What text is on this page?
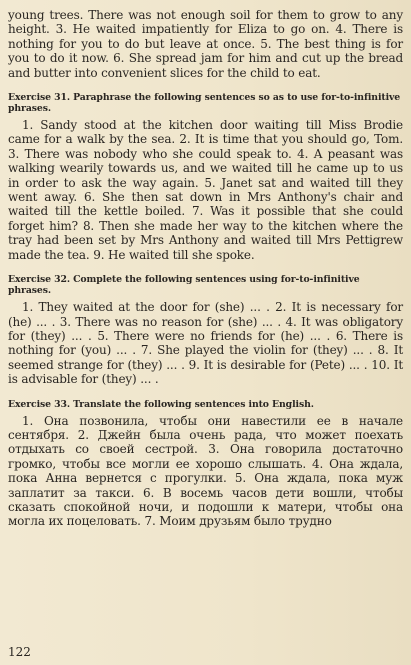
young trees. There was not enough soil for them to grow to any height. 3. He waited impatiently for Eliza to go on. 4. There is nothing for you to do but leave at once. 5. The best thing is for you to do it now. 6. She spread jam for him and cut up the bread and butter into convenient slices for the child to eat.

Exercise 31. Paraphrase the following sentences so as to use for-to-infinitive phrases.

1. Sandy stood at the kitchen door waiting till Miss Brodie came for a walk by the sea. 2. It is time that you should go, Tom. 3. There was nobody who she could speak to. 4. A peasant was walking wearily towards us, and we waited till he came up to us in order to ask the way again. 5. Janet sat and waited till they went away. 6. She then sat down in Mrs Anthony's chair and waited till the kettle boiled. 7. Was it possible that she could forget him? 8. Then she made her way to the kitchen where the tray had been set by Mrs Anthony and waited till Mrs Pettigrew made the tea. 9. He waited till she spoke.

Exercise 32. Complete the following sentences using for-to-infinitive phrases.

1. They waited at the door for (she) ... . 2. It is necessary for (he) ... . 3. There was no reason for (she) ... . 4. It was obligatory for (they) ... . 5. There were no friends for (he) ... . 6. There is nothing for (you) ... . 7. She played the violin for (they) ... . 8. It seemed strange for (they) ... . 9. It is desirable for (Pete) ... . 10. It is advisable for (they) ... .

Exercise 33. Translate the following sentences into English.

1. Она позвонила, чтобы они навестили ее в начале сентября. 2. Джейн была очень рада, что может поехать отдыхать со своей сестрой. 3. Она говорила достаточно громко, чтобы все могли ее хорошо слышать. 4. Она ждала, пока Анна вернется с прогулки. 5. Она ждала, пока муж заплатит за такси. 6. В восемь часов дети вошли, чтобы сказать спокойной ночи, и подошли к матери, чтобы она могла их поцеловать. 7. Моим друзьям было трудно

122
